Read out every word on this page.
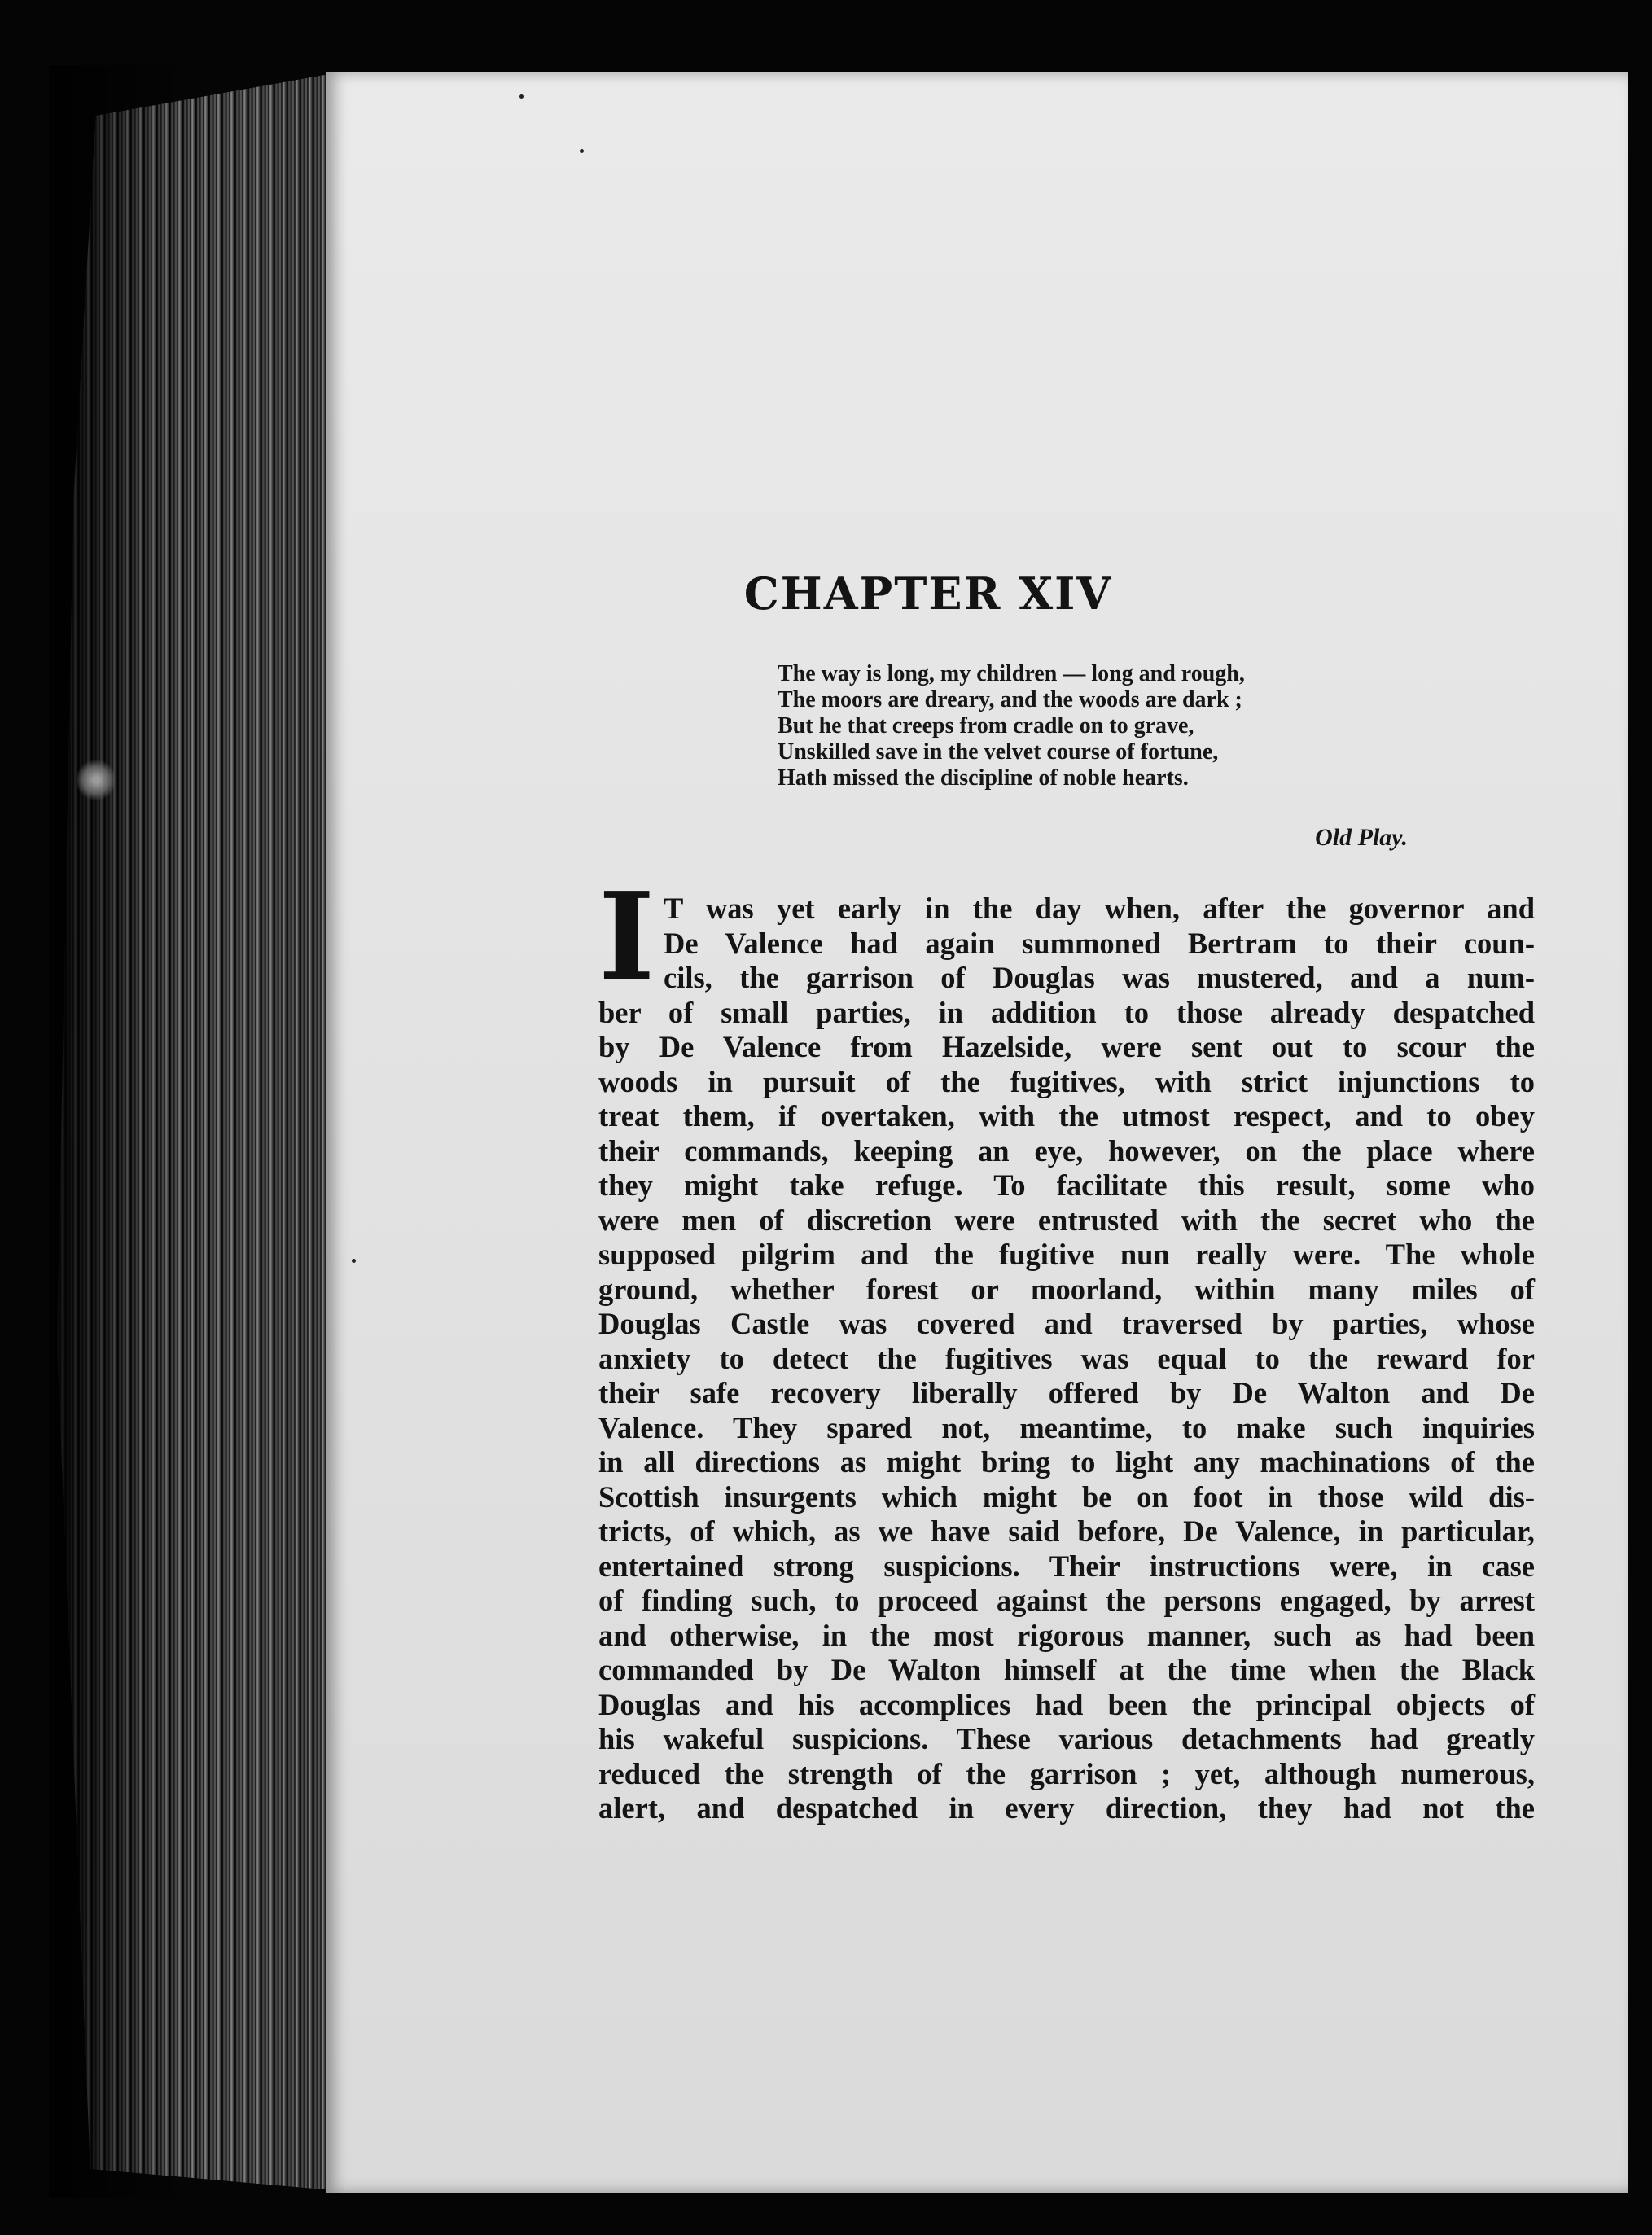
CHAPTER XIV
The way is long, my children — long and rough,
The moors are dreary, and the woods are dark ;
But he that creeps from cradle on to grave,
Unskilled save in the velvet course of fortune,
Hath missed the discipline of noble hearts.
Old Play.
I T was yet early in the day when, after the governor and
De Valence had again summoned Bertram to their coun-
cils, the garrison of Douglas was mustered, and a num-
ber of small parties, in addition to those already despatched
by De Valence from Hazelside, were sent out to scour the
woods in pursuit of the fugitives, with strict injunctions to
treat them, if overtaken, with the utmost respect, and to obey
their commands, keeping an eye, however, on the place where
they might take refuge. To facilitate this result, some who
were men of discretion were entrusted with the secret who the
supposed pilgrim and the fugitive nun really were. The whole
ground, whether forest or moorland, within many miles of
Douglas Castle was covered and traversed by parties, whose
anxiety to detect the fugitives was equal to the reward for
their safe recovery liberally offered by De Walton and De
Valence. They spared not, meantime, to make such inquiries
in all directions as might bring to light any machinations of the
Scottish insurgents which might be on foot in those wild dis-
tricts, of which, as we have said before, De Valence, in particular,
entertained strong suspicions. Their instructions were, in case
of finding such, to proceed against the persons engaged, by arrest
and otherwise, in the most rigorous manner, such as had been
commanded by De Walton himself at the time when the Black
Douglas and his accomplices had been the principal objects of
his wakeful suspicions. These various detachments had greatly
reduced the strength of the garrison ; yet, although numerous,
alert, and despatched in every direction, they had not the
